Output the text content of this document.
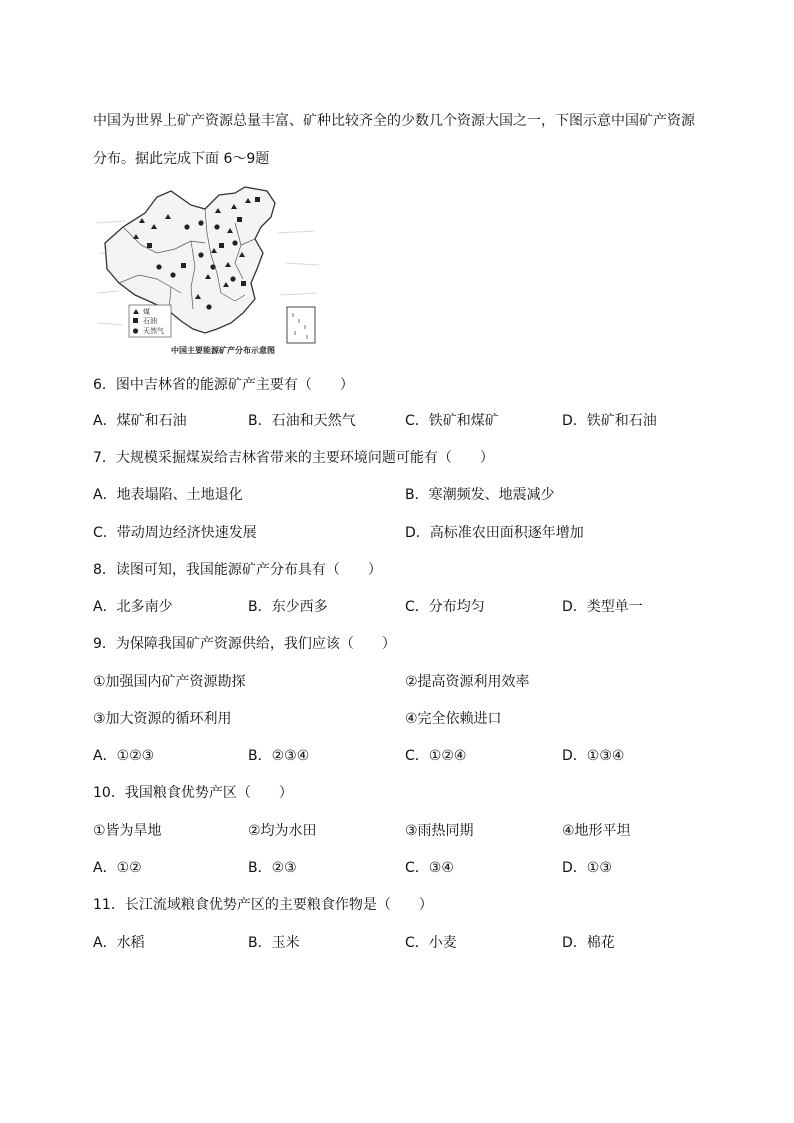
中国为世界上矿产资源总量丰富、矿种比较齐全的少数几个资源大国之一，下图示意中国矿产资源
分布。据此完成下面 6～9题
煤
石油
天然气
中国主要能源矿产分布示意图
6．图中吉林省的能源矿产主要有（　　）
A．煤矿和石油	B．石油和天然气	C．铁矿和煤矿	D．铁矿和石油
7．大规模采掘煤炭给吉林省带来的主要环境问题可能有（　　）
A．地表塌陷、土地退化	B．寒潮频发、地震减少
C．带动周边经济快速发展	D．高标准农田面积逐年增加
8．读图可知，我国能源矿产分布具有（　　）
A．北多南少	B．东少西多	C．分布均匀	D．类型单一
9．为保障我国矿产资源供给，我们应该（　　）
①加强国内矿产资源勘探	②提高资源利用效率
③加大资源的循环利用	④完全依赖进口
A．①②③	B．②③④	C．①②④	D．①③④
10．我国粮食优势产区（　　）
①皆为旱地	②均为水田	③雨热同期	④地形平坦
A．①②	B．②③	C．③④	D．①③
11．长江流域粮食优势产区的主要粮食作物是（　　）
A．水稻	B．玉米	C．小麦	D．棉花
